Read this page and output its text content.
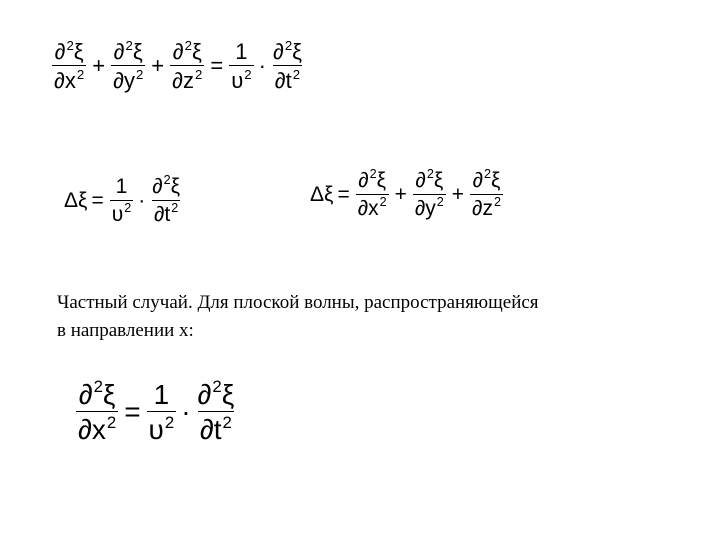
$\frac{\partial^2\xi}{\partial x^2} + \frac{\partial^2\xi}{\partial y^2} + \frac{\partial^2\xi}{\partial z^2} = \frac{1}{\upsilon^2} \cdot \frac{\partial^2\xi}{\partial t^2}$
$\Delta\xi = \frac{1}{\upsilon^2} \cdot \frac{\partial^2\xi}{\partial t^2}$	$\Delta\xi = \frac{\partial^2\xi}{\partial x^2} + \frac{\partial^2\xi}{\partial y^2} + \frac{\partial^2\xi}{\partial z^2}$
Частный случай. Для плоской волны, распространяющейся
в направлении x:
$\frac{\partial^2\xi}{\partial x^2} = \frac{1}{\upsilon^2} \cdot \frac{\partial^2\xi}{\partial t^2}$
